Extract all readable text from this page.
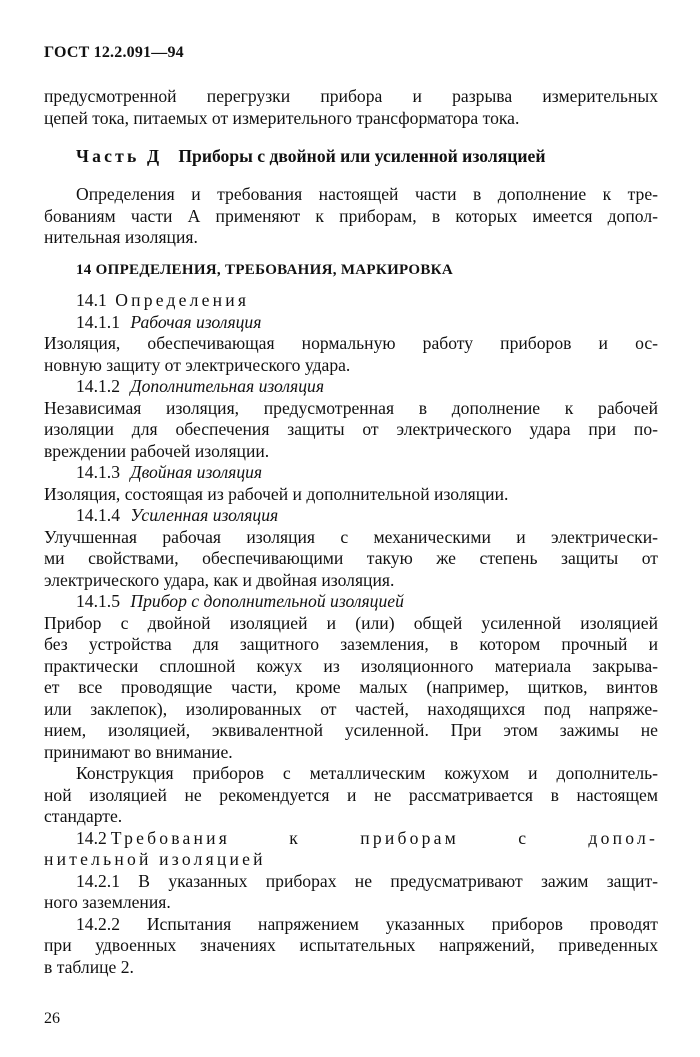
ГОСТ 12.2.091—94
предусмотренной перегрузки прибора и разрыва измерительных
цепей тока, питаемых от измерительного трансформатора тока.
Часть Д Приборы с двойной или усиленной изоляцией
Определения и требования настоящей части в дополнение к тре-
бованиям части А применяют к приборам, в которых имеется допол-
нительная изоляция.
14 ОПРЕДЕЛЕНИЯ, ТРЕБОВАНИЯ, МАРКИРОВКА
14.1 Определения
14.1.1 Рабочая изоляция
Изоляция, обеспечивающая нормальную работу приборов и ос-
новную защиту от электрического удара.
14.1.2 Дополнительная изоляция
Независимая изоляция, предусмотренная в дополнение к рабочей
изоляции для обеспечения защиты от электрического удара при по-
вреждении рабочей изоляции.
14.1.3 Двойная изоляция
Изоляция, состоящая из рабочей и дополнительной изоляции.
14.1.4 Усиленная изоляция
Улучшенная рабочая изоляция с механическими и электрически-
ми свойствами, обеспечивающими такую же степень защиты от
электрического удара, как и двойная изоляция.
14.1.5 Прибор с дополнительной изоляцией
Прибор с двойной изоляцией и (или) общей усиленной изоляцией
без устройства для защитного заземления, в котором прочный и
практически сплошной кожух из изоляционного материала закрыва-
ет все проводящие части, кроме малых (например, щитков, винтов
или заклепок), изолированных от частей, находящихся под напряже-
нием, изоляцией, эквивалентной усиленной. При этом зажимы не
принимают во внимание.
Конструкция приборов с металлическим кожухом и дополнитель-
ной изоляцией не рекомендуется и не рассматривается в настоящем
стандарте.
14.2 Требования к приборам с допол-
нительной изоляцией
14.2.1 В указанных приборах не предусматривают зажим защит-
ного заземления.
14.2.2 Испытания напряжением указанных приборов проводят
при удвоенных значениях испытательных напряжений, приведенных
в таблице 2.
26
